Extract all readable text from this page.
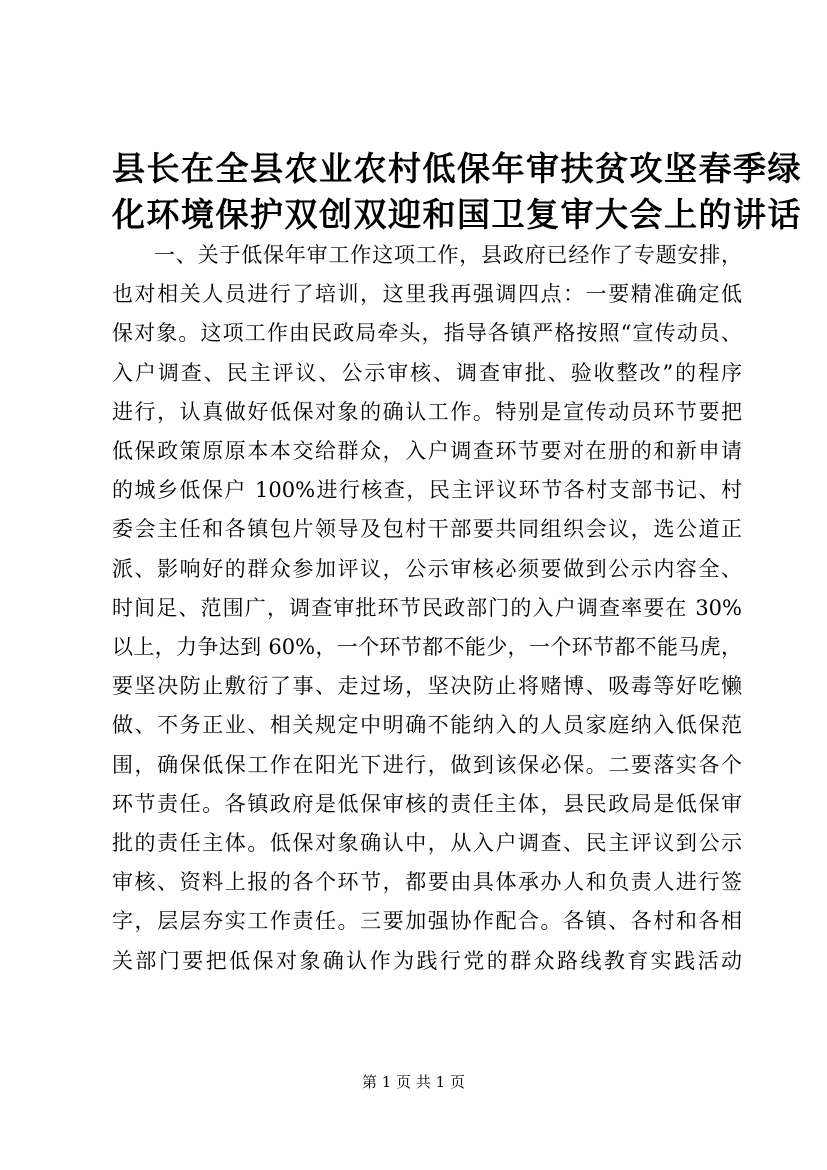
县长在全县农业农村低保年审扶贫攻坚春季绿
化环境保护双创双迎和国卫复审大会上的讲话
一、关于低保年审工作这项工作，县政府已经作了专题安排，
也对相关人员进行了培训，这里我再强调四点：一要精准确定低
保对象。这项工作由民政局牵头，指导各镇严格按照“宣传动员、
入户调查、民主评议、公示审核、调查审批、验收整改”的程序
进行，认真做好低保对象的确认工作。特别是宣传动员环节要把
低保政策原原本本交给群众，入户调查环节要对在册的和新申请
的城乡低保户 100%进行核查，民主评议环节各村支部书记、村
委会主任和各镇包片领导及包村干部要共同组织会议，选公道正
派、影响好的群众参加评议，公示审核必须要做到公示内容全、
时间足、范围广，调查审批环节民政部门的入户调查率要在 30%
以上，力争达到 60%，一个环节都不能少，一个环节都不能马虎，
要坚决防止敷衍了事、走过场，坚决防止将赌博、吸毒等好吃懒
做、不务正业、相关规定中明确不能纳入的人员家庭纳入低保范
围，确保低保工作在阳光下进行，做到该保必保。二要落实各个
环节责任。各镇政府是低保审核的责任主体，县民政局是低保审
批的责任主体。低保对象确认中，从入户调查、民主评议到公示
审核、资料上报的各个环节，都要由具体承办人和负责人进行签
字，层层夯实工作责任。三要加强协作配合。各镇、各村和各相
关部门要把低保对象确认作为践行党的群众路线教育实践活动
第 1 页 共 1 页
